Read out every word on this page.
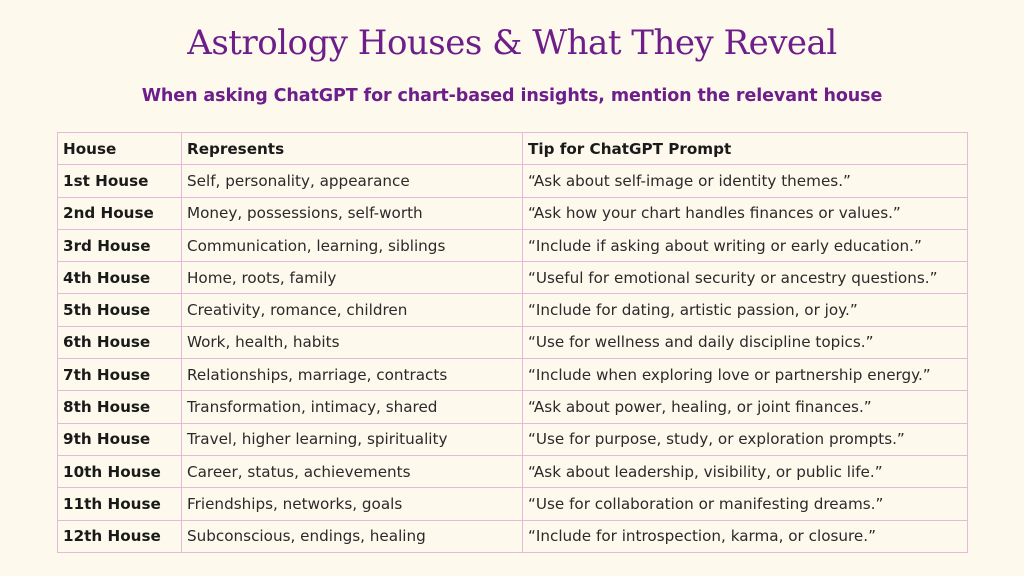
Astrology Houses & What They Reveal
When asking ChatGPT for chart-based insights, mention the relevant house
House	Represents	Tip for ChatGPT Prompt
1st House	Self, personality, appearance	“Ask about self-image or identity themes.”
2nd House	Money, possessions, self-worth	“Ask how your chart handles finances or values.”
3rd House	Communication, learning, siblings	“Include if asking about writing or early education.”
4th House	Home, roots, family	“Useful for emotional security or ancestry questions.”
5th House	Creativity, romance, children	“Include for dating, artistic passion, or joy.”
6th House	Work, health, habits	“Use for wellness and daily discipline topics.”
7th House	Relationships, marriage, contracts	“Include when exploring love or partnership energy.”
8th House	Transformation, intimacy, shared	“Ask about power, healing, or joint finances.”
9th House	Travel, higher learning, spirituality	“Use for purpose, study, or exploration prompts.”
10th House	Career, status, achievements	“Ask about leadership, visibility, or public life.”
11th House	Friendships, networks, goals	“Use for collaboration or manifesting dreams.”
12th House	Subconscious, endings, healing	“Include for introspection, karma, or closure.”
